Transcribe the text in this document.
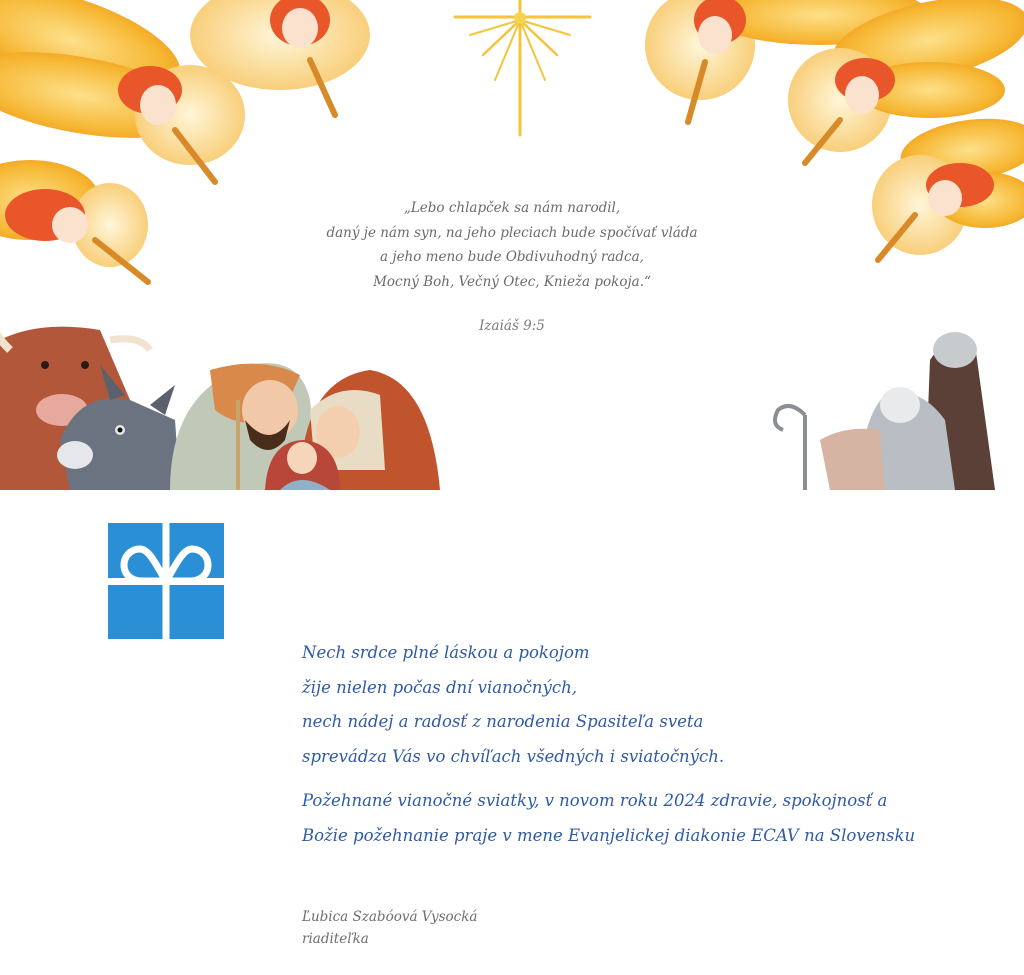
„Lebo chlapček sa nám narodil,
daný je nám syn, na jeho pleciach bude spočívať vláda
a jeho meno bude Obdivuhodný radca,
Mocný Boh, Večný Otec, Knieža pokoja.“
Izaiáš 9:5
Nech srdce plné láskou a pokojom
žije nielen počas dní vianočných,
nech nádej a radosť z narodenia Spasiteľa sveta
sprevádza Vás vo chvíľach všedných i sviatočných.
Požehnané vianočné sviatky, v novom roku 2024 zdravie, spokojnosť a
Božie požehnanie praje v mene Evanjelickej diakonie ECAV na Slovensku
Ľubica Szabóová Vysocká
riaditeľka
